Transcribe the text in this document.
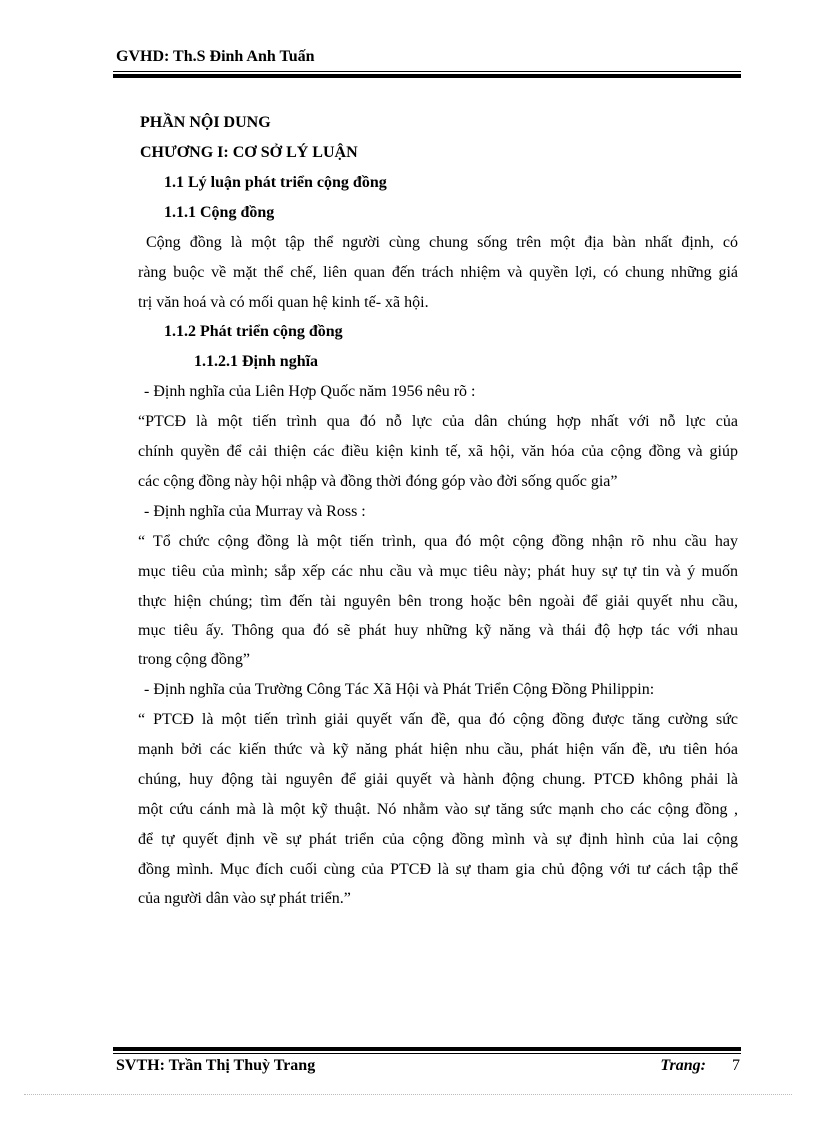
GVHD: Th.S Đinh Anh Tuấn
PHẦN NỘI DUNG
CHƯƠNG I: CƠ SỞ LÝ LUẬN
1.1 Lý luận phát triển cộng đồng
1.1.1 Cộng đồng
Cộng đồng là một tập thể người cùng chung sống trên một địa bàn nhất định, có
ràng buộc về mặt thể chế, liên quan đến trách nhiệm và quyền lợi, có chung những giá
trị văn hoá và có mối quan hệ kinh tế- xã hội.
1.1.2 Phát triển cộng đồng
1.1.2.1 Định nghĩa
- Định nghĩa của Liên Hợp Quốc năm 1956 nêu rõ :
“PTCĐ là một tiến trình qua đó nỗ lực của dân chúng hợp nhất với nỗ lực của
chính quyền để cải thiện các điều kiện kinh tế, xã hội, văn hóa của cộng đồng và giúp
các cộng đồng này hội nhập và đồng thời đóng góp vào đời sống quốc gia”
- Định nghĩa của Murray và Ross :
“ Tổ chức cộng đồng là một tiến trình, qua đó một cộng đồng nhận rõ nhu cầu hay
mục tiêu của mình; sắp xếp các nhu cầu và mục tiêu này; phát huy sự tự tin và ý muốn
thực hiện chúng; tìm đến tài nguyên bên trong hoặc bên ngoài để giải quyết nhu cầu,
mục tiêu ấy. Thông qua đó sẽ phát huy những kỹ năng và thái độ hợp tác với nhau
trong cộng đồng”
- Định nghĩa của Trường Công Tác Xã Hội và Phát Triển Cộng Đồng Philippin:
“ PTCĐ là một tiến trình giải quyết vấn đề, qua đó cộng đồng được tăng cường sức
mạnh bởi các kiến thức và kỹ năng phát hiện nhu cầu, phát hiện vấn đề, ưu tiên hóa
chúng, huy động tài nguyên để giải quyết và hành động chung. PTCĐ không phải là
một cứu cánh mà là một kỹ thuật. Nó nhằm vào sự tăng sức mạnh cho các cộng đồng ,
để tự quyết định về sự phát triển của cộng đồng mình và sự định hình của lai cộng
đồng mình. Mục đích cuối cùng của PTCĐ là sự tham gia chủ động với tư cách tập thể
của người dân vào sự phát triển.”
SVTH: Trần Thị Thuỳ Trang	Trang: 7
